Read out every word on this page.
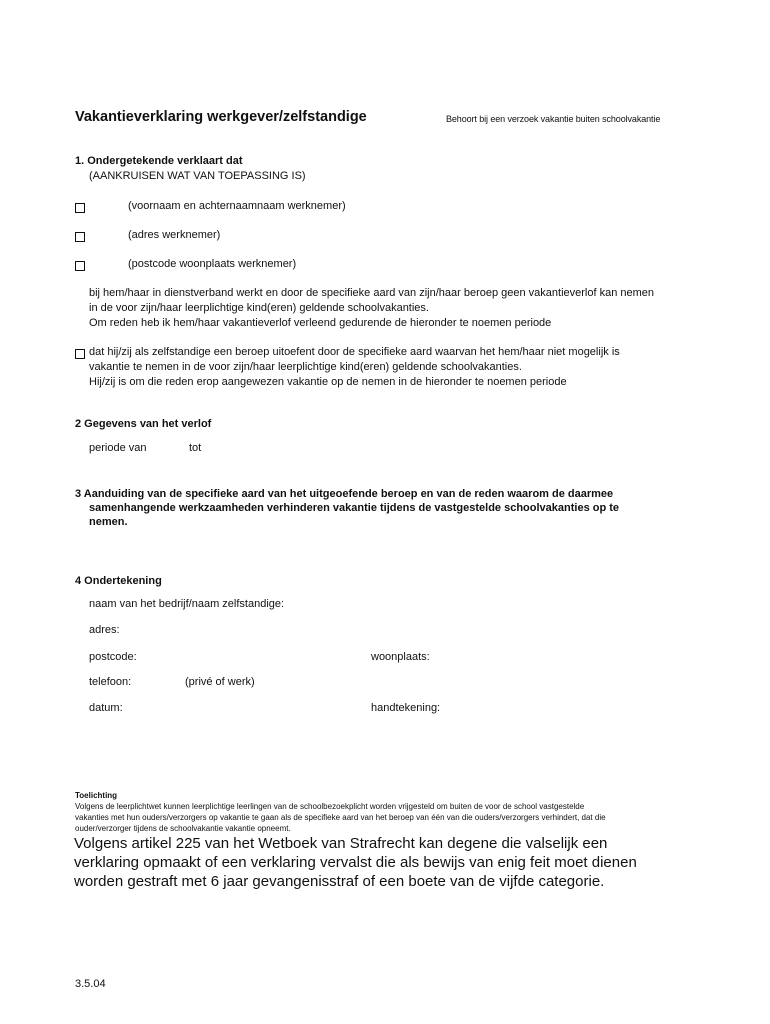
Vakantieverklaring werkgever/zelfstandige	Behoort bij een verzoek vakantie buiten schoolvakantie
1. Ondergetekende verklaart dat
(AANKRUISEN WAT VAN TOEPASSING IS)
(voornaam en achternaamnaam werknemer)
(adres werknemer)
(postcode woonplaats werknemer)
bij hem/haar in dienstverband werkt en door de specifieke aard van zijn/haar beroep geen vakantieverlof kan nemen
in de voor zijn/haar leerplichtige kind(eren) geldende schoolvakanties.
Om reden heb ik hem/haar vakantieverlof verleend gedurende de hieronder te noemen periode
dat hij/zij als zelfstandige een beroep uitoefent door de specifieke aard waarvan het hem/haar niet mogelijk is
vakantie te nemen in de voor zijn/haar leerplichtige kind(eren) geldende schoolvakanties.
Hij/zij is om die reden erop aangewezen vakantie op de nemen in de hieronder te noemen periode
2 Gegevens van het verlof
periode van	tot
3 Aanduiding van de specifieke aard van het uitgeoefende beroep en van de reden waarom de daarmee
samenhangende werkzaamheden verhinderen vakantie tijdens de vastgestelde schoolvakanties op te
nemen.
4 Ondertekening
naam van het bedrijf/naam zelfstandige:
adres:
postcode:	woonplaats:
telefoon:	(privé of werk)
datum:	handtekening:
Toelichting
Volgens de leerplichtwet kunnen leerplichtige leerlingen van de schoolbezoekplicht worden vrijgesteld om buiten de voor de school vastgestelde
vakanties met hun ouders/verzorgers op vakantie te gaan als de specifieke aard van het beroep van één van die ouders/verzorgers verhindert, dat die
ouder/verzorger tijdens de schoolvakantie vakantie opneemt.
Volgens artikel 225 van het Wetboek van Strafrecht kan degene die valselijk een
verklaring opmaakt of een verklaring vervalst die als bewijs van enig feit moet dienen
worden gestraft met 6 jaar gevangenisstraf of een boete van de vijfde categorie.
3.5.04
